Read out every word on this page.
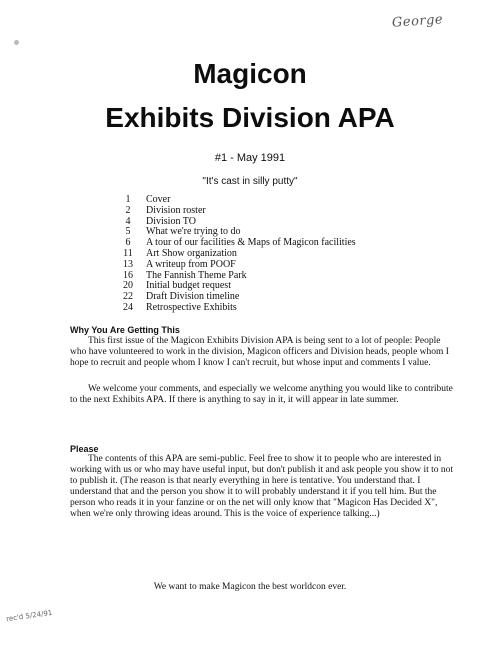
George
Magicon
Exhibits Division APA
#1 - May 1991
"It's cast in silly putty"
1	Cover
2	Division roster
4	Division TO
5	What we're trying to do
6	A tour of our facilities & Maps of Magicon facilities
11	Art Show organization
13	A writeup from POOF
16	The Fannish Theme Park
20	Initial budget request
22	Draft Division timeline
24	Retrospective Exhibits
Why You Are Getting This

This first issue of the Magicon Exhibits Division APA is being sent to a lot of people: People who have volunteered to work in the division, Magicon officers and Division heads, people whom I hope to recruit and people whom I know I can't recruit, but whose input and comments I value.

We welcome your comments, and especially we welcome anything you would like to contribute to the next Exhibits APA. If there is anything to say in it, it will appear in late summer.

Please

The contents of this APA are semi-public. Feel free to show it to people who are interested in working with us or who may have useful input, but don't publish it and ask people you show it to not to publish it. (The reason is that nearly everything in here is tentative. You understand that. I understand that and the person you show it to will probably understand it if you tell him. But the person who reads it in your fanzine or on the net will only know that "Magicon Has Decided X", when we're only throwing ideas around. This is the voice of experience talking...)

We want to make Magicon the best worldcon ever.
rec'd 5/24/91
